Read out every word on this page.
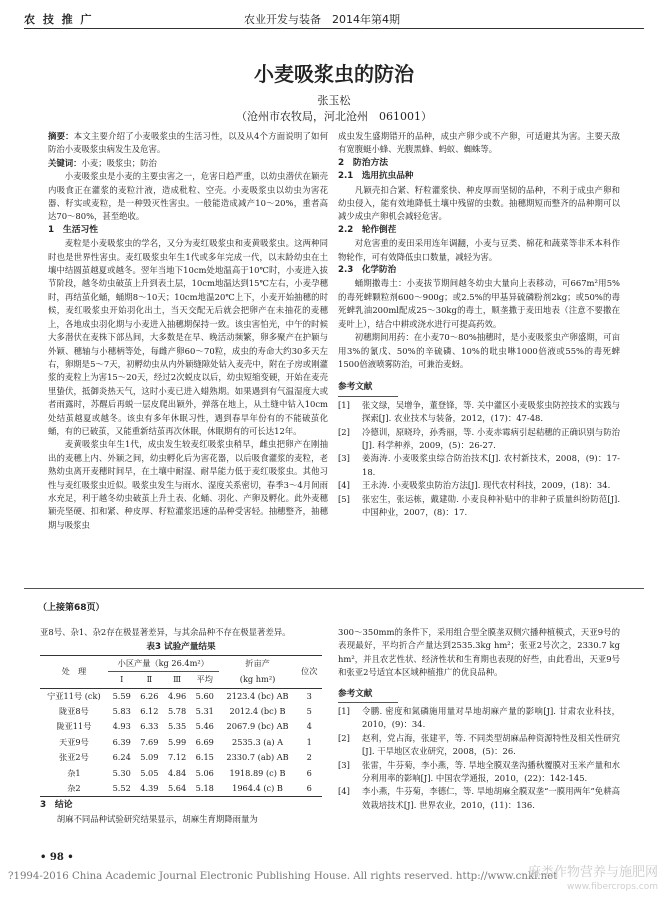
农 技 推 广	农业开发与装备　2014年第4期
小麦吸浆虫的防治
张玉松
（沧州市农牧局，河北沧州　061001）

摘要：本文主要介绍了小麦吸浆虫的生活习性，以及从4个方面说明了如何防治小麦吸浆虫病发生及危害。

关键词：小麦；吸浆虫；防治

小麦吸浆虫是小麦的主要虫害之一，危害日趋严重，以幼虫潜伏在颖壳内吸食正在灌浆的麦粒汁液，造成秕粒、空壳。小麦吸浆虫以幼虫为害花器、籽实或麦粒，是一种毁灭性害虫。一般能造成减产10～20%，重者高达70～80%，甚至绝收。

1　生活习性

麦粒是小麦吸浆虫的学名，又分为麦红吸浆虫和麦黄吸浆虫。这两种同时也是世界性害虫。麦红吸浆虫年生1代或多年完成一代，以末龄幼虫在土壤中结圆茧越夏或越冬。翌年当地下10cm处地温高于10℃时，小麦进入拔节阶段，越冬幼虫破茧上升到表土层，10cm地温达到15℃左右，小麦孕穗时，再结茧化蛹，蛹期8～10天；10cm地温20℃上下，小麦开始抽穗的时候，麦红吸浆虫开始羽化出土，当天交配无后就会把卵产在未抽花的麦穗上，各地成虫羽化期与小麦进入抽穗期保持一致。该虫害怕光，中午的时候大多潜伏在麦株下部丛间，大多数是在早、晚活动频繁，卵多聚产在护颖与外颖、穗轴与小穗柄等处，每雌产卵60～70粒，成虫的寿命大约30多天左右，卵期是5～7天，初孵幼虫从内外颖缝隙处钻入麦壳中，附在子房或刚灌浆的麦粒上为害15～20天，经过2次蜕皮以后，幼虫短缩变硬，开始在麦壳里蛰伏，抵御炎热天气，这时小麦已进入蜡熟期。如果遇到有气温湿度大或者雨露时，苏醒后再蜕一层皮爬出颖外，弹落在地上，从土缝中钻入10cm处结茧越夏或越冬。该虫有多年休眠习性，遇到春旱年份有的不能破茧化蛹，有的已破茧，又能重新结茧再次休眠，休眠期有的可长达12年。

麦黄吸浆虫年生1代，成虫发生较麦红吸浆虫稍早，雌虫把卵产在刚抽出的麦穗上内、外颖之间，幼虫孵化后为害花器，以后吸食灌浆的麦粒，老熟幼虫离开麦穗时间早，在土壤中耐湿、耐旱能力低于麦红吸浆虫。其他习性与麦红吸浆虫近似。吸浆虫发生与雨水、湿度关系密切，春季3～4月间雨水充足，利于越冬幼虫破茧上升土表、化蛹、羽化、产卵及孵化。此外麦穗颖壳坚硬、扣和紧、种皮厚、籽粒灌浆迅速的品种受害轻。抽穗整齐，抽穗期与吸浆虫

成虫发生盛期错开的品种，成虫产卵少或不产卵，可适避其为害。主要天敌有宽腹蜓小蜂、光腹黑蜂、蚂蚁、蜘蛛等。

2　防治方法

2.1　选用抗虫品种

凡颖壳扣合紧、籽粒灌浆快、种皮厚而坚韧的品种，不利于成虫产卵和幼虫侵入，能有效地降低土壤中残留的虫数。抽穗期短而整齐的品种期可以减少成虫产卵机会减轻危害。

2.2　轮作倒茬

对危害重的麦田采用连年调翻，小麦与豆类、棉花和蔬菜等非禾本科作物轮作，可有效降低虫口数量，减轻为害。

2.3　化学防治

蛹期撒毒土：小麦拔节期间越冬幼虫大量向上表移动，可667m²用5%的毒死蜱颗粒剂600～900g；或2.5%的甲基异硫磷粉剂2kg；或50%的毒死蜱乳油200ml配成25～30kg的毒土，顺垄撒于麦田地表（注意不要撒在麦叶上），结合中耕或浇水进行可提高药效。

初穗期间用药：在小麦70～80%抽穗时，是小麦吸浆虫产卵盛期，可亩用3%的氰戊、50%的辛硫磷、10%的吡虫啉1000倍液或55%的毒死蜱1500倍液喷雾防治，可兼治麦蚜。

参考文献

[1]	张文绿，吴增争，董登锋，等. 关中灌区小麦吸浆虫防控技术的实践与探索[J]. 农业技术与装备，2012，(17)：47-48.
[2]	冷德训，原晓玲，孙秀丽，等. 小麦赤霉病引起秸穗的正确识别与防治[J]. 科学种养，2009，(5)：26-27.
[3]	姜海涛. 小麦吸浆虫综合防治技术[J]. 农村新技术，2008，(9)：17-18.
[4]	王永涛. 小麦吸浆虫防治方法[J]. 现代农村科技，2009，(18)：34.
[5]	张宏生，张运栋，戴建勋. 小麦良种补贴中的非种子质量纠纷防范[J]. 中国种业，2007，(8)：17.
（上接第68页）

亚8号、杂1、杂2存在极显著差异，与其余品种不存在极显著差异。

表3 试验产量结果
处　理	小区产量（kg 26.4m²）				折亩产	位次
	Ⅰ	Ⅱ	Ⅲ	平均	(kg hm²)	
宁亚11号 (ck)	5.59	6.26	4.96	5.60	2123.4 (bc) AB	3
陇亚8号	5.83	6.12	5.78	5.31	2012.4 (bc) B	5
陇亚11号	4.93	6.33	5.35	5.46	2067.9 (bc) AB	4
天亚9号	6.39	7.69	5.99	6.69	2535.3 (a) A	1
张亚2号	6.24	5.09	7.12	6.15	2330.7 (ab) AB	2
杂1	5.30	5.05	4.84	5.06	1918.89 (c) B	6
杂2	5.52	4.39	5.64	5.18	1964.4 (c) B	6

3　结论

胡麻不同品种试验研究结果显示，胡麻生育期降雨量为

300～350mm的条件下，采用组合型全膜垄双侧穴播种植模式，天亚9号的表现最好，平均折合产量达到2535.3kg hm²；张亚2号次之，2330.7 kg hm²，并且农艺性状、经济性状和生育期也表现的好些，由此看出，天亚9号和张亚2号适宜本区域种植推广的优良品种。

参考文献

[1]	令鹏. 密度和氮磷施用量对旱地胡麻产量的影响[J]. 甘肃农业科技，2010，(9)：34.
[2]	赵利，党占海，张建平，等. 不同类型胡麻品种资源特性及相关性研究[J]. 干旱地区农业研究，2008，(5)：26.
[3]	张雷，牛芬菊，李小燕，等. 旱地全膜双垄沟播秋覆膜对玉米产量和水分利用率的影响[J]. 中国农学通报，2010，(22)：142-145.
[4]	李小燕，牛芬菊，李德仁，等. 旱地胡麻全膜双垄“一膜用两年”免耕高效栽培技术[J]. 世界农业，2010，(11)：136.
• 98 •
?1994-2016 China Academic Journal Electronic Publishing House. All rights reserved. http://www.cnki.net
麻类作物营养与施肥网
www.fibercrops.com
